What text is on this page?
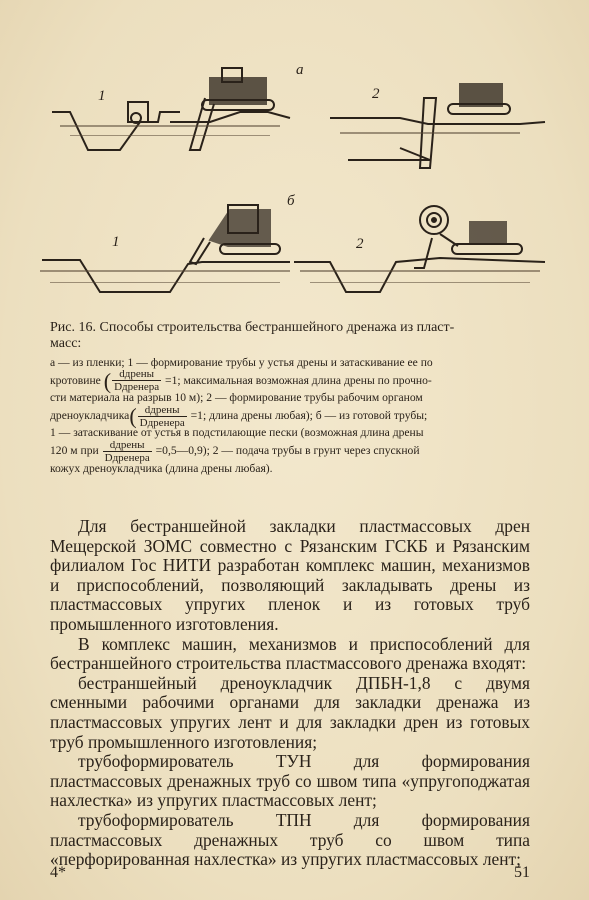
а
1	2
б
1	2
Рис. 16. Способы строительства бестраншейного дренажа из пласт-
масс:
а — из пленки; 1 — формирование трубы у устья дрены и затаскивание ее по
кротовине ( $\frac{\text{dдрены}}{\text{Dдренера}} =1$; максимальная возможная длина дрены по прочно-
сти материала на разрыв 10 м); 2 — формирование трубы рабочим органом
дреноукладчика( $\frac{\text{dдрены}}{\text{Dдренера}} =1$; длина дрены любая); б — из готовой трубы;
1 — затаскивание от устья в подстилающие пески (возможная длина дрены
120 м при $\frac{\text{dдрены}}{\text{Dдренера}}$ =0,5—0,9); 2 — подача трубы в грунт через спускной
кожух дреноукладчика (длина дрены любая).

Для бестраншейной закладки пластмассовых дрен Мещерской ЗОМС совместно с Рязанским ГСКБ и Рязанским филиалом Гос НИТИ разработан комплекс машин, механизмов и приспособлений, позволяющий закладывать дрены из пластмассовых упругих пленок и из готовых труб промышленного изготовления.

В комплекс машин, механизмов и приспособлений для бестраншейного строительства пластмассового дренажа входят:

бестраншейный дреноукладчик ДПБН-1,8 с двумя сменными рабочими органами для закладки дренажа из пластмассовых упругих лент и для закладки дрен из готовых труб промышленного изготовления;

трубоформирователь ТУН для формирования пластмассовых дренажных труб со швом типа «упругоподжатая нахлестка» из упругих пластмассовых лент;

трубоформирователь ТПН для формирования пластмассовых дренажных труб со швом типа «перфорированная нахлестка» из упругих пластмассовых лент;

4*	51
